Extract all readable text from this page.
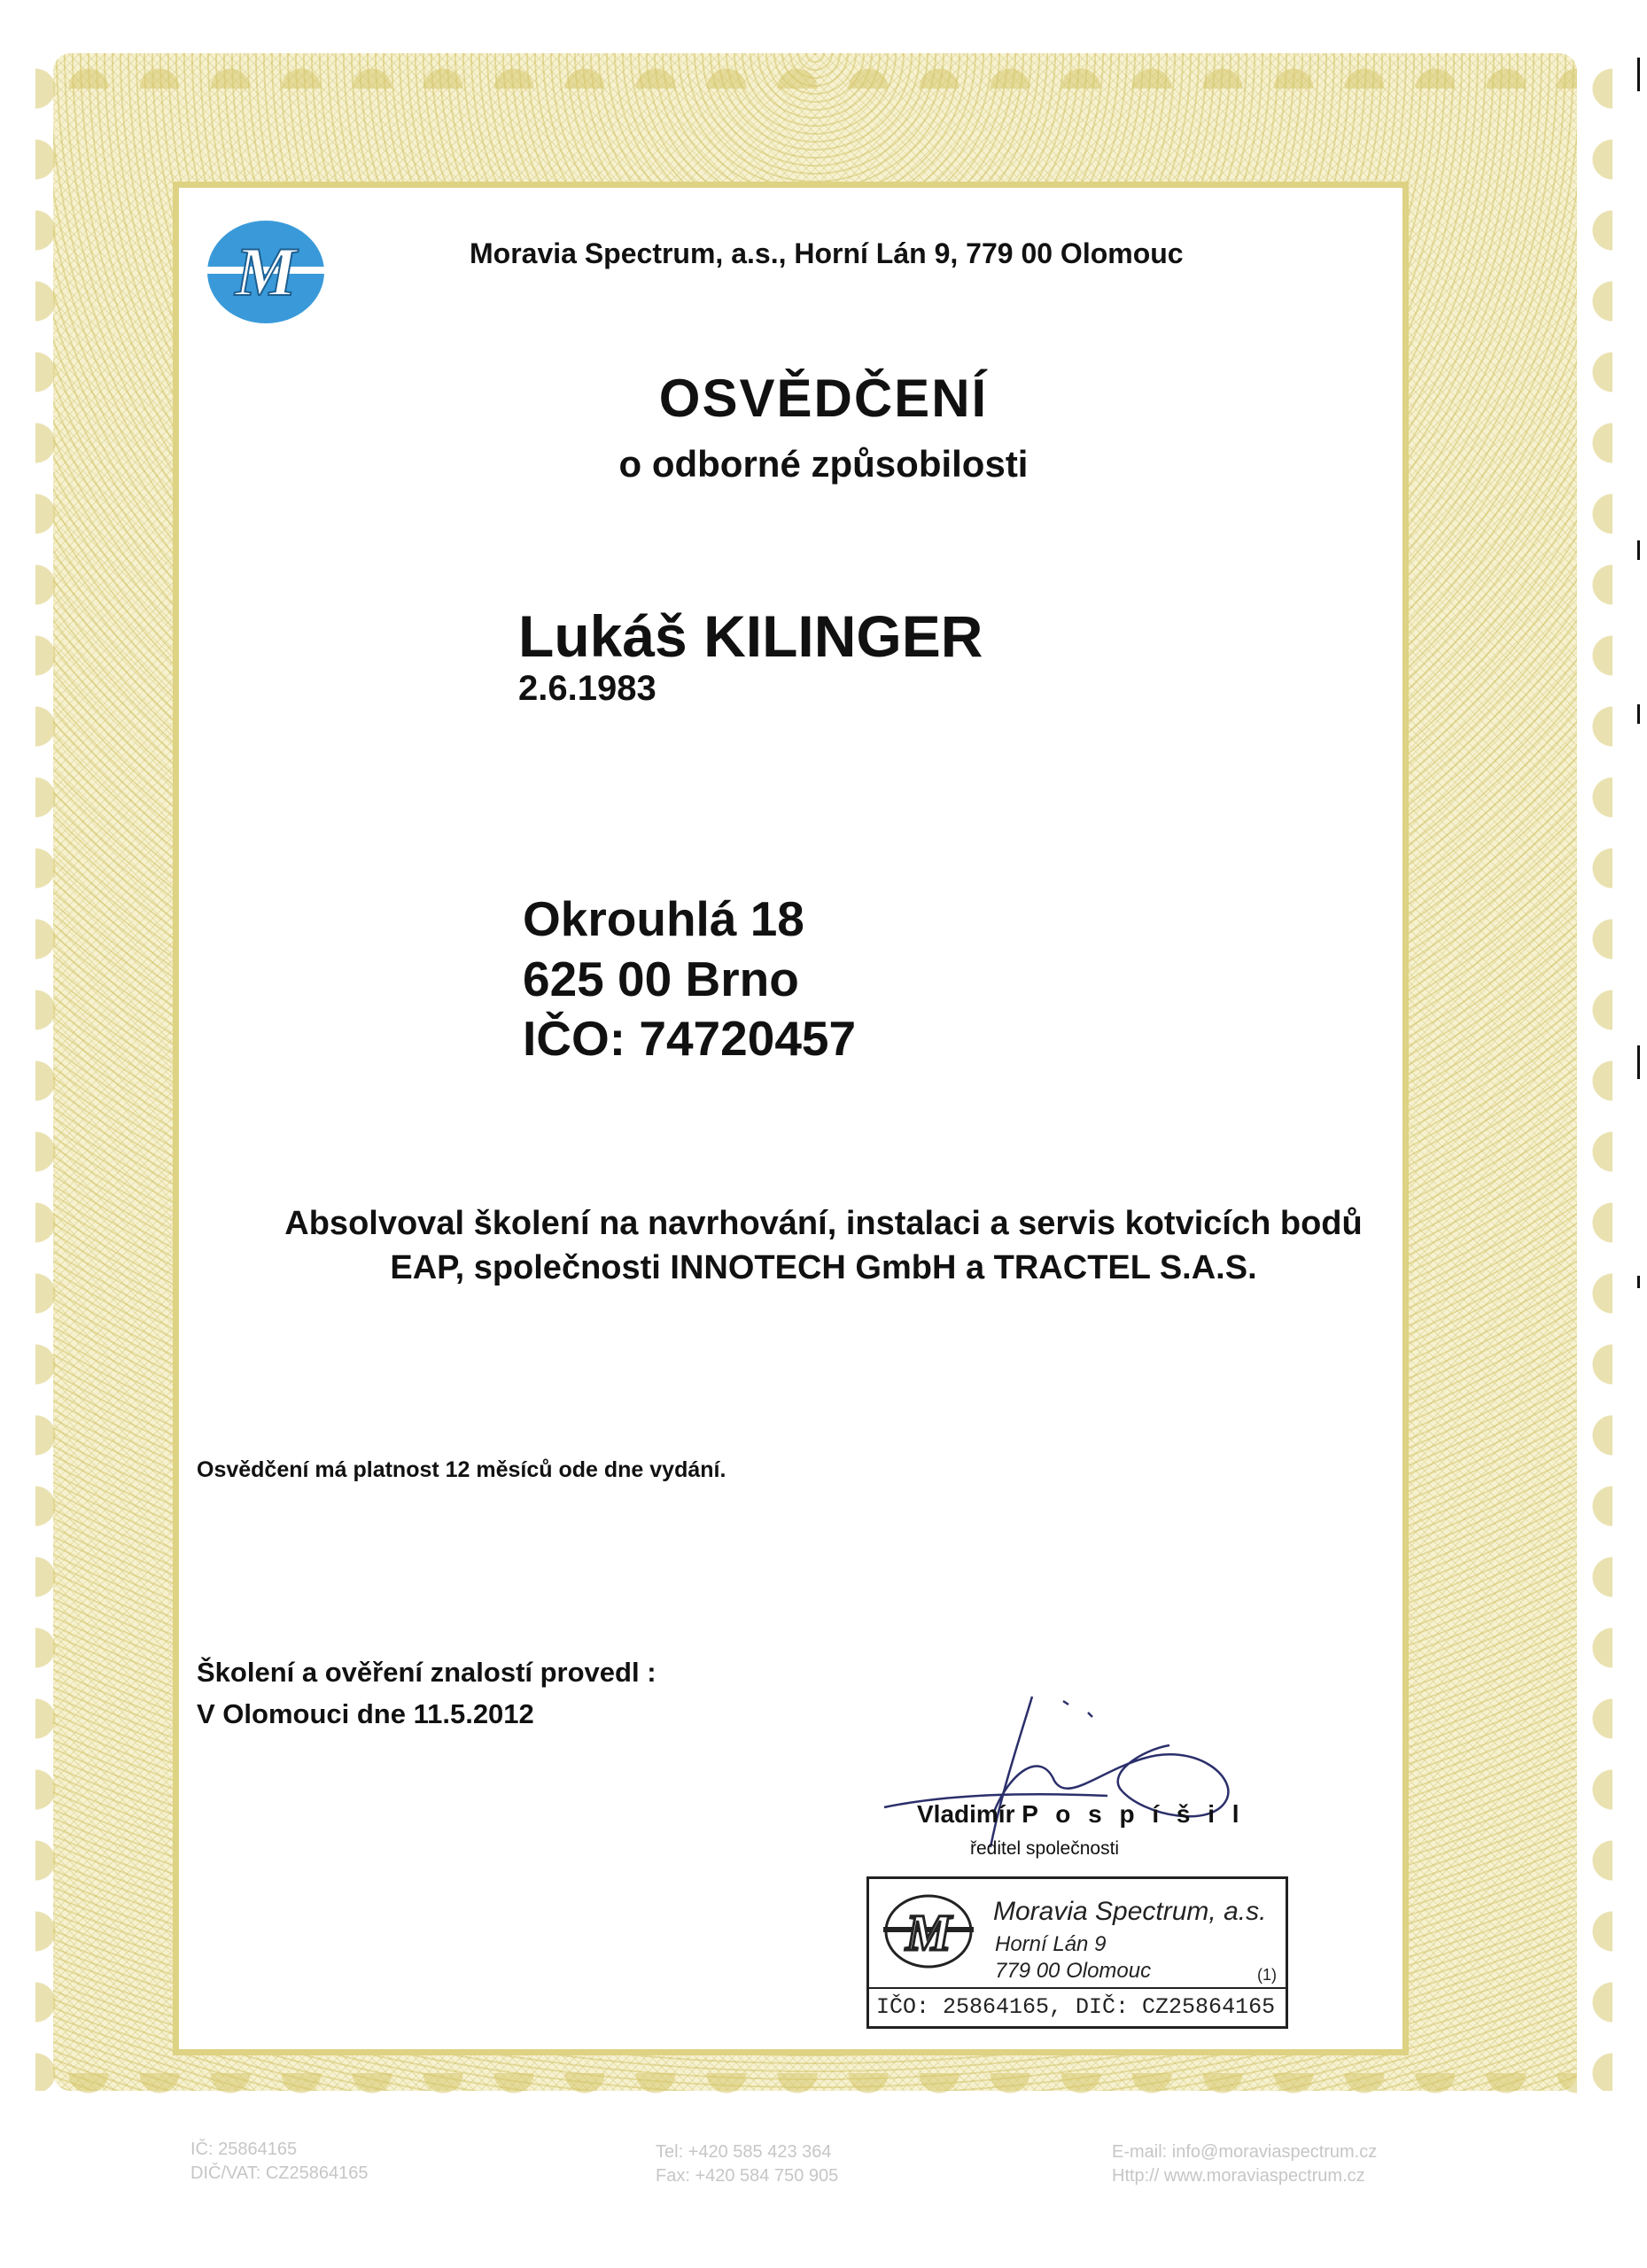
M	Moravia Spectrum, a.s., Horní Lán 9, 779 00 Olomouc
OSVĚDČENÍ
o odborné způsobilosti
Lukáš KILINGER
2.6.1983
Okrouhlá 18
625 00 Brno
IČO: 74720457
Absolvoval školení na navrhování, instalaci a servis kotvicích bodů
EAP, společnosti INNOTECH GmbH a TRACTEL S.A.S.
Osvědčení má platnost 12 měsíců ode dne vydání.
Školení a ověření znalostí provedl :
V Olomouci dne 11.5.2012
Vladimír P o s p í š i l
ředitel společnosti
M Moravia Spectrum, a.s.
Horní Lán 9
779 00 Olomouc	(1)
IČO: 25864165, DIČ: CZ25864165
IČ: 25864165
DIČ/VAT: CZ25864165
Tel: +420 585 423 364
Fax: +420 584 750 905
E-mail: info@moraviaspectrum.cz
Http:// www.moraviaspectrum.cz
